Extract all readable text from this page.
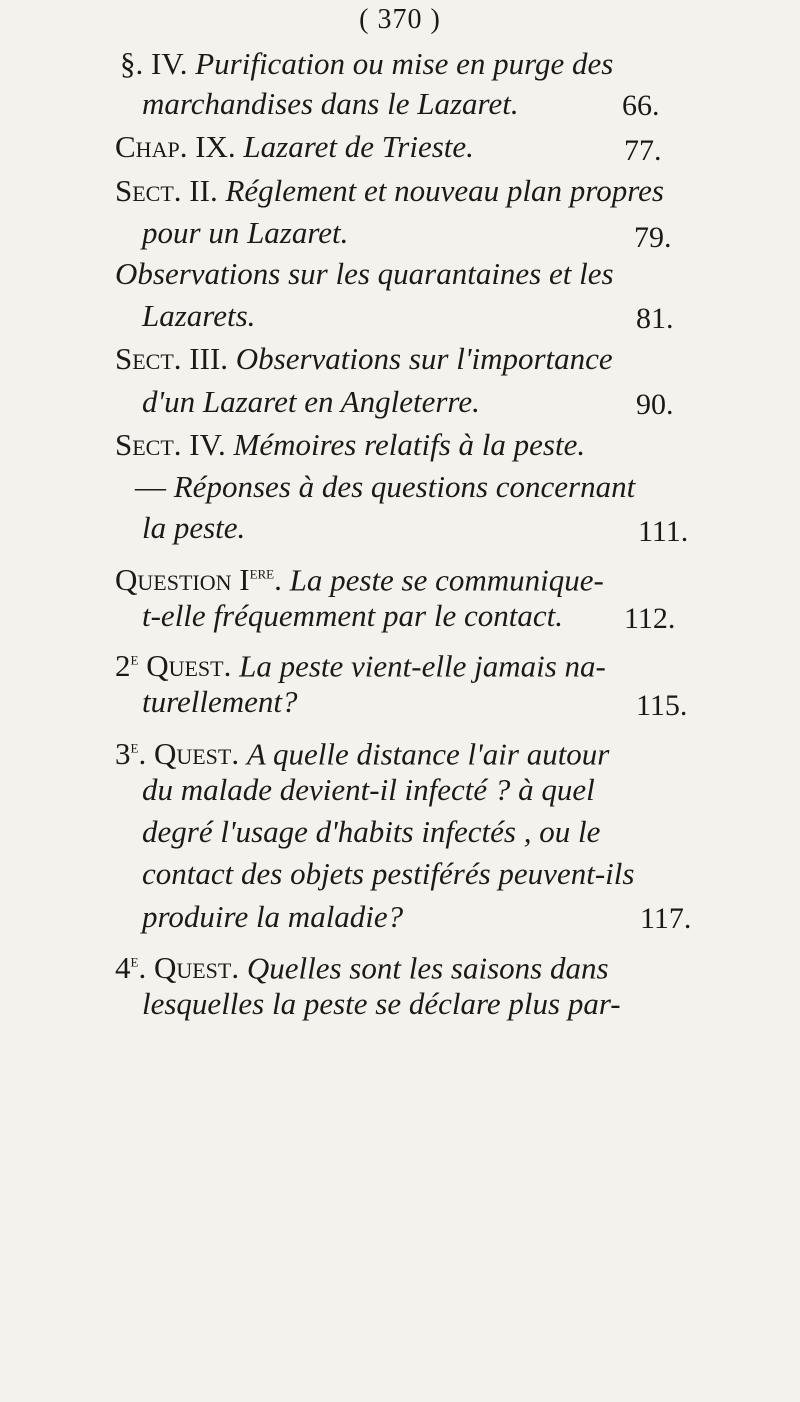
( 370 )
§. IV. Purification ou mise en purge des
marchandises dans le Lazaret.	66.
Chap. IX. Lazaret de Trieste.	77.
Sect. II. Réglement et nouveau plan propres
pour un Lazaret.	79.
Observations sur les quarantaines et les
Lazarets.	81.
Sect. III. Observations sur l'importance
d'un Lazaret en Angleterre.	90.
Sect. IV. Mémoires relatifs à la peste.
— Réponses à des questions concernant
la peste.	111.
Question Iere. La peste se communique-
t-elle fréquemment par le contact. 112.
2e Quest. La peste vient-elle jamais na-
turellement?	115.
3e. Quest. A quelle distance l'air autour
du malade devient-il infecté ? à quel
degré l'usage d'habits infectés , ou le
contact des objets pestiférés peuvent-ils
produire la maladie?	117.
4e. Quest. Quelles sont les saisons dans
lesquelles la peste se déclare plus par-
